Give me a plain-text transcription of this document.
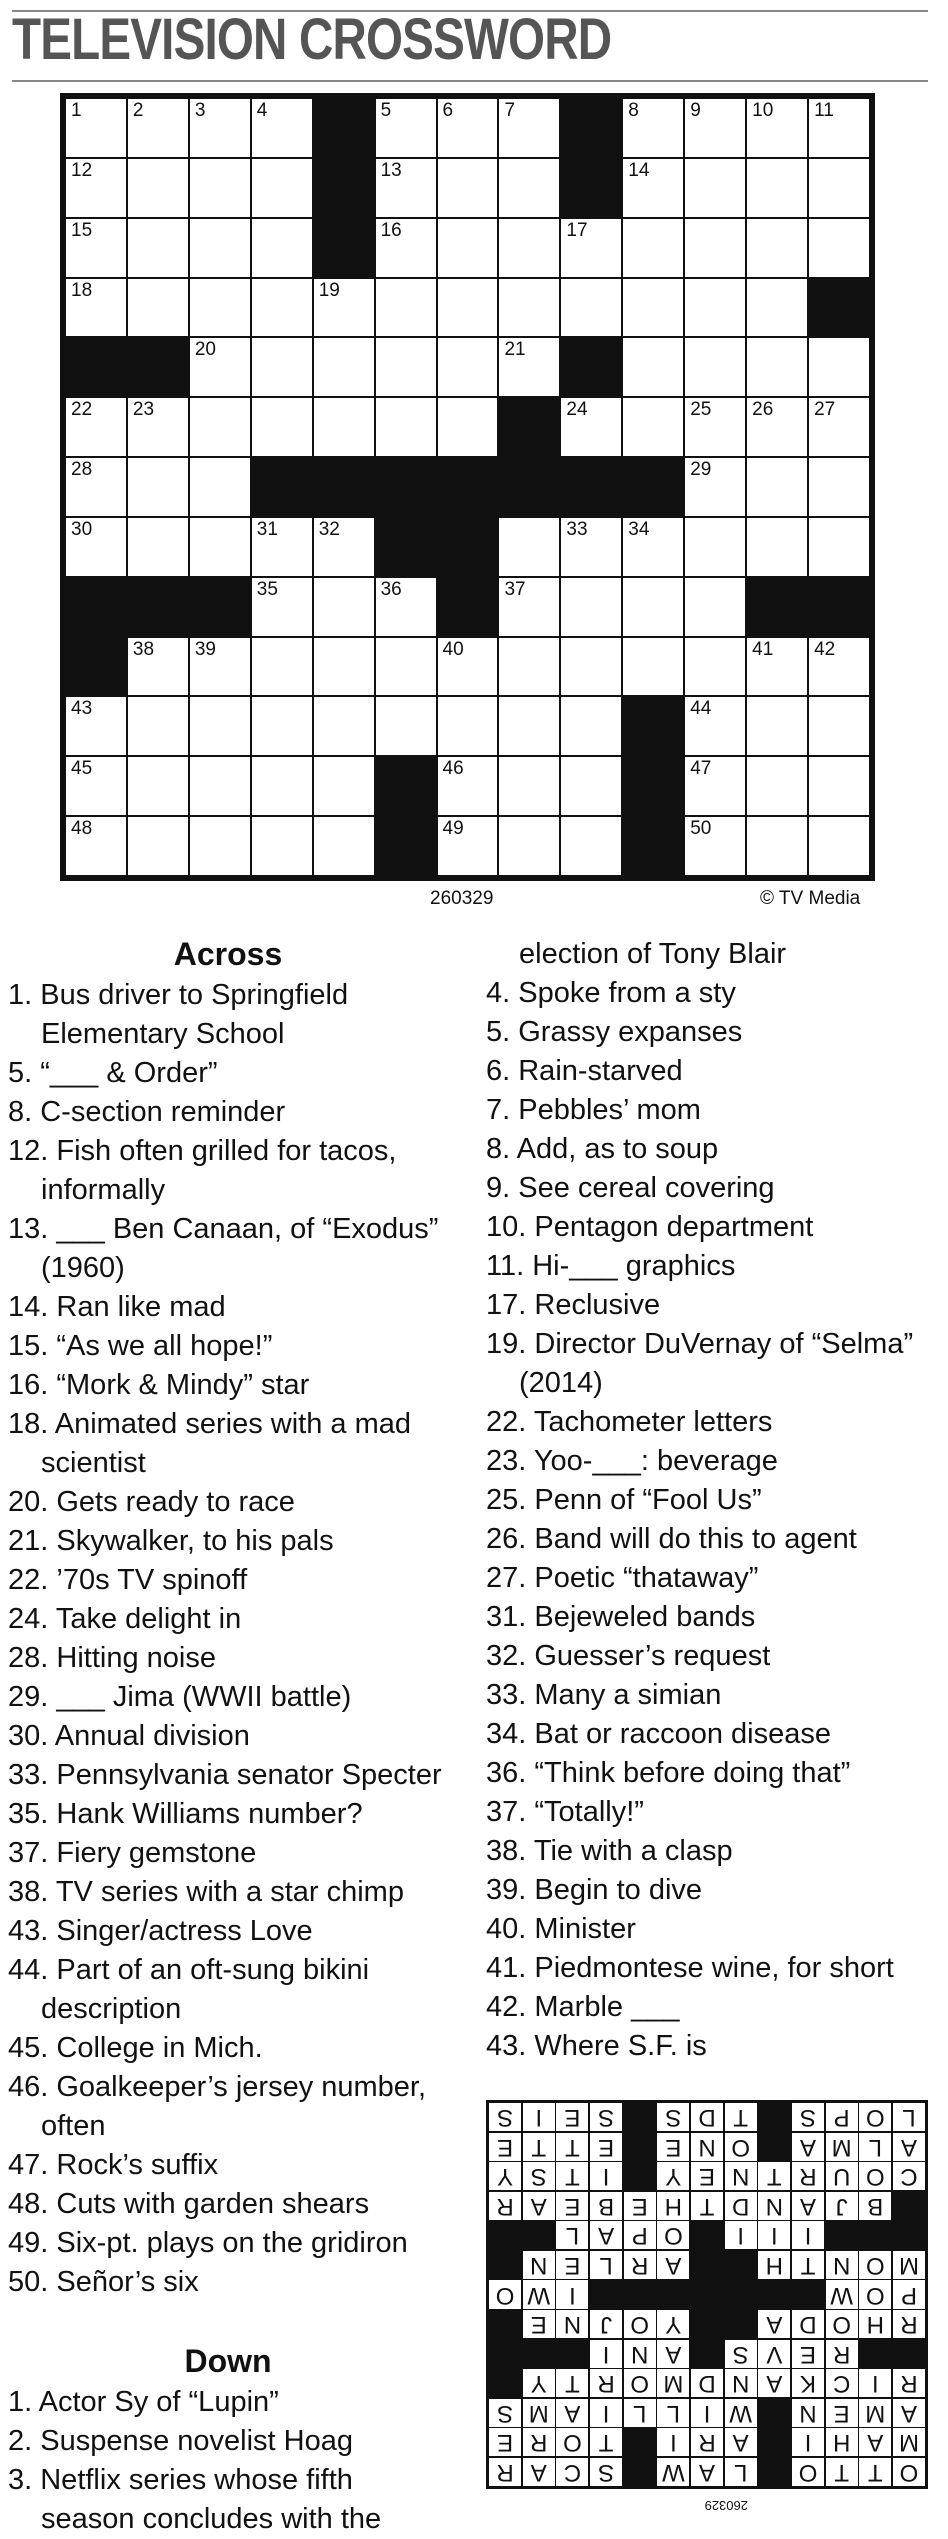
TELEVISION CROSSWORD
1	2	3	4	5	6	7	8	9	10 11
12	13	14
15	16	17
18	19
20	21
22 23	24	25 26 27
28	29
30	31 32	33 34
35	36	37
38 39	40	41 42
43	44
45	46	47
48	49	50
260329	© TV Media
Across
1. Bus driver to Springfield Elementary School
5. “___ & Order”
8. C-section reminder
12. Fish often grilled for tacos, informally
13. ___ Ben Canaan, of “Exodus” (1960)
14. Ran like mad
15. “As we all hope!”
16. “Mork & Mindy” star
18. Animated series with a mad scientist
20. Gets ready to race
21. Skywalker, to his pals
22. ’70s TV spinoff
24. Take delight in
28. Hitting noise
29. ___ Jima (WWII battle)
30. Annual division
33. Pennsylvania senator Specter
35. Hank Williams number?
37. Fiery gemstone
38. TV series with a star chimp
43. Singer/actress Love
44. Part of an oft-sung bikini description
45. College in Mich.
46. Goalkeeper’s jersey number, often
47. Rock’s suffix
48. Cuts with garden shears
49. Six-pt. plays on the gridiron
50. Señor’s six
Down
1. Actor Sy of “Lupin”
2. Suspense novelist Hoag
3. Netflix series whose fifth season concludes with the
election of Tony Blair
4. Spoke from a sty
5. Grassy expanses
6. Rain-starved
7. Pebbles’ mom
8. Add, as to soup
9. See cereal covering
10. Pentagon department
11. Hi-___ graphics
17. Reclusive
19. Director DuVernay of “Selma” (2014)
22. Tachometer letters
23. Yoo-___: beverage
25. Penn of “Fool Us”
26. Band will do this to agent
27. Poetic “thataway”
31. Bejeweled bands
32. Guesser’s request
33. Many a simian
34. Bat or raccoon disease
36. “Think before doing that”
37. “Totally!”
38. Tie with a clasp
39. Begin to dive
40. Minister
41. Piedmontese wine, for short
42. Marble ___
43. Where S.F. is
260329
O
T
T
O
L
A
W
S
C
A
R
M
A
H
I
A
R
I
T
O
R
E
A
M
E
N
W
I
L
L
I
A
M
S
R
I
C
K
A
N
D
M
O
R
T
Y
R
E
V
S
A
N
I
R
H
O
D
A
Y
O
J
N
E
P
O
W
I
W
O
M
O
N
T
H
A
R
L
E
N
I
I
I
O
P
A
L
B
J
A
N
D
T
H
E
B
E
A
R
C
O
U
R
T
N
E
Y
I
T
S
Y
A
L
M
A
O
N
E
E
T
T
E
L
O
P
S
T
D
S
S
E
I
S
